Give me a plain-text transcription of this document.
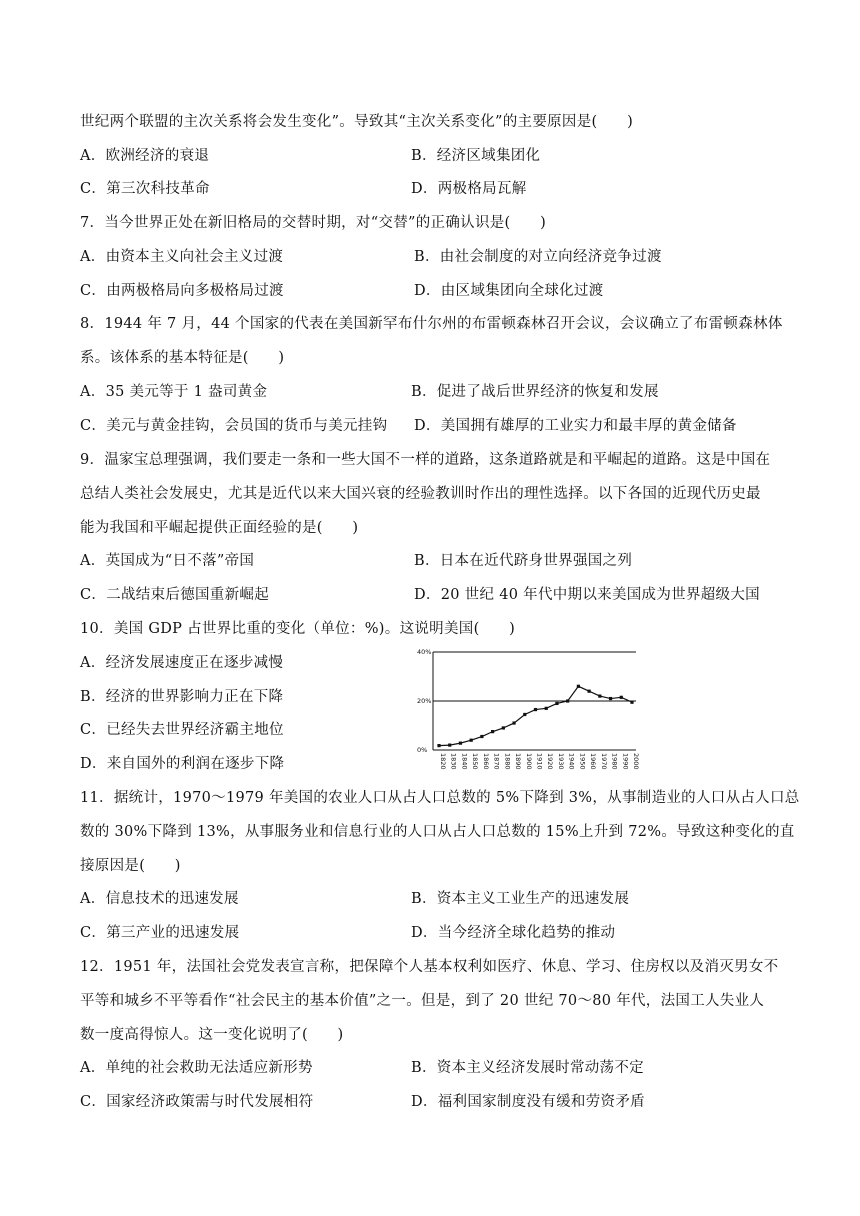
世纪两个联盟的主次关系将会发生变化”。导致其“主次关系变化”的主要原因是(　　)
A．欧洲经济的衰退	B．经济区域集团化
C．第三次科技革命	D．两极格局瓦解
7．当今世界正处在新旧格局的交替时期，对“交替”的正确认识是(　　)
A．由资本主义向社会主义过渡	B．由社会制度的对立向经济竞争过渡
C．由两极格局向多极格局过渡	D．由区域集团向全球化过渡
8．1944 年 7 月，44 个国家的代表在美国新罕布什尔州的布雷顿森林召开会议，会议确立了布雷顿森林体
系。该体系的基本特征是(　　)
A．35 美元等于 1 盎司黄金	B．促进了战后世界经济的恢复和发展
C．美元与黄金挂钩，会员国的货币与美元挂钩 D．美国拥有雄厚的工业实力和最丰厚的黄金储备
9．温家宝总理强调，我们要走一条和一些大国不一样的道路，这条道路就是和平崛起的道路。这是中国在
总结人类社会发展史，尤其是近代以来大国兴衰的经验教训时作出的理性选择。以下各国的近现代历史最
能为我国和平崛起提供正面经验的是(　　)
A．英国成为“日不落”帝国	B．日本在近代跻身世界强国之列
C．二战结束后德国重新崛起	D．20 世纪 40 年代中期以来美国成为世界超级大国
10．美国 GDP 占世界比重的变化（单位：%)。这说明美国(　　)
A．经济发展速度正在逐步减慢
B．经济的世界影响力正在下降
C．已经失去世界经济霸主地位
D．来自国外的利润在逐步下降
0%
20%
40%
1820 1830 1840 1850 1860 1870 1880 1890 1900 1910 1920 1930 1940 1950 1960 1970 1980 1990 2000
11．据统计，1970～1979 年美国的农业人口从占人口总数的 5%下降到 3%，从事制造业的人口从占人口总
数的 30%下降到 13%，从事服务业和信息行业的人口从占人口总数的 15%上升到 72%。导致这种变化的直
接原因是(　　)
A．信息技术的迅速发展	B．资本主义工业生产的迅速发展
C．第三产业的迅速发展	D．当今经济全球化趋势的推动
12．1951 年，法国社会党发表宣言称，把保障个人基本权利如医疗、休息、学习、住房权以及消灭男女不
平等和城乡不平等看作“社会民主的基本价值”之一。但是，到了 20 世纪 70～80 年代，法国工人失业人
数一度高得惊人。这一变化说明了(　　)
A．单纯的社会救助无法适应新形势	B．资本主义经济发展时常动荡不定
C．国家经济政策需与时代发展相符	D．福利国家制度没有缓和劳资矛盾
